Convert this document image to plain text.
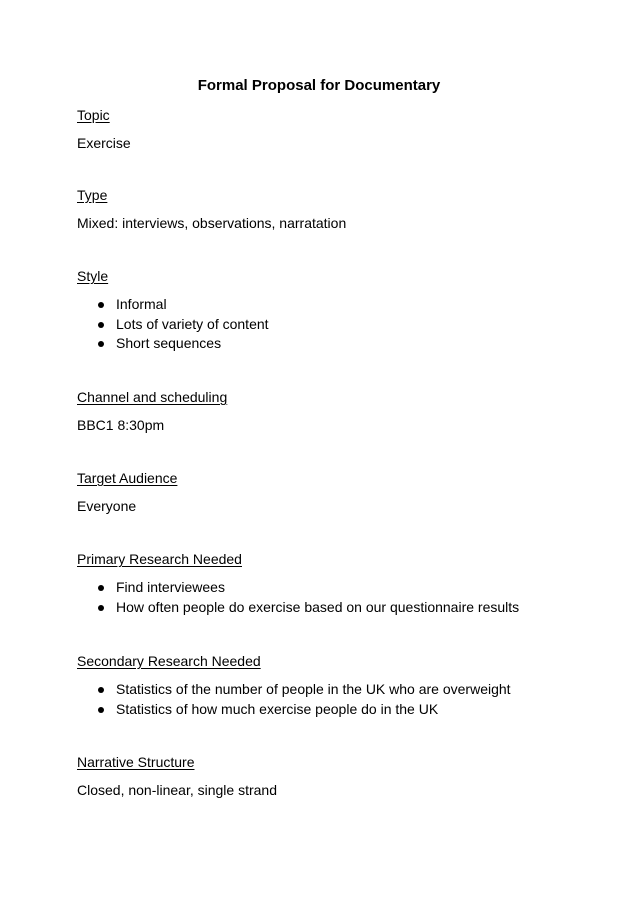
Formal Proposal for Documentary

Topic

Exercise

Type

Mixed: interviews, observations, narratation

Style

Informal
Lots of variety of content
Short sequences

Channel and scheduling

BBC1 8:30pm

Target Audience

Everyone

Primary Research Needed

Find interviewees
How often people do exercise based on our questionnaire results

Secondary Research Needed

Statistics of the number of people in the UK who are overweight
Statistics of how much exercise people do in the UK

Narrative Structure

Closed, non-linear, single strand
